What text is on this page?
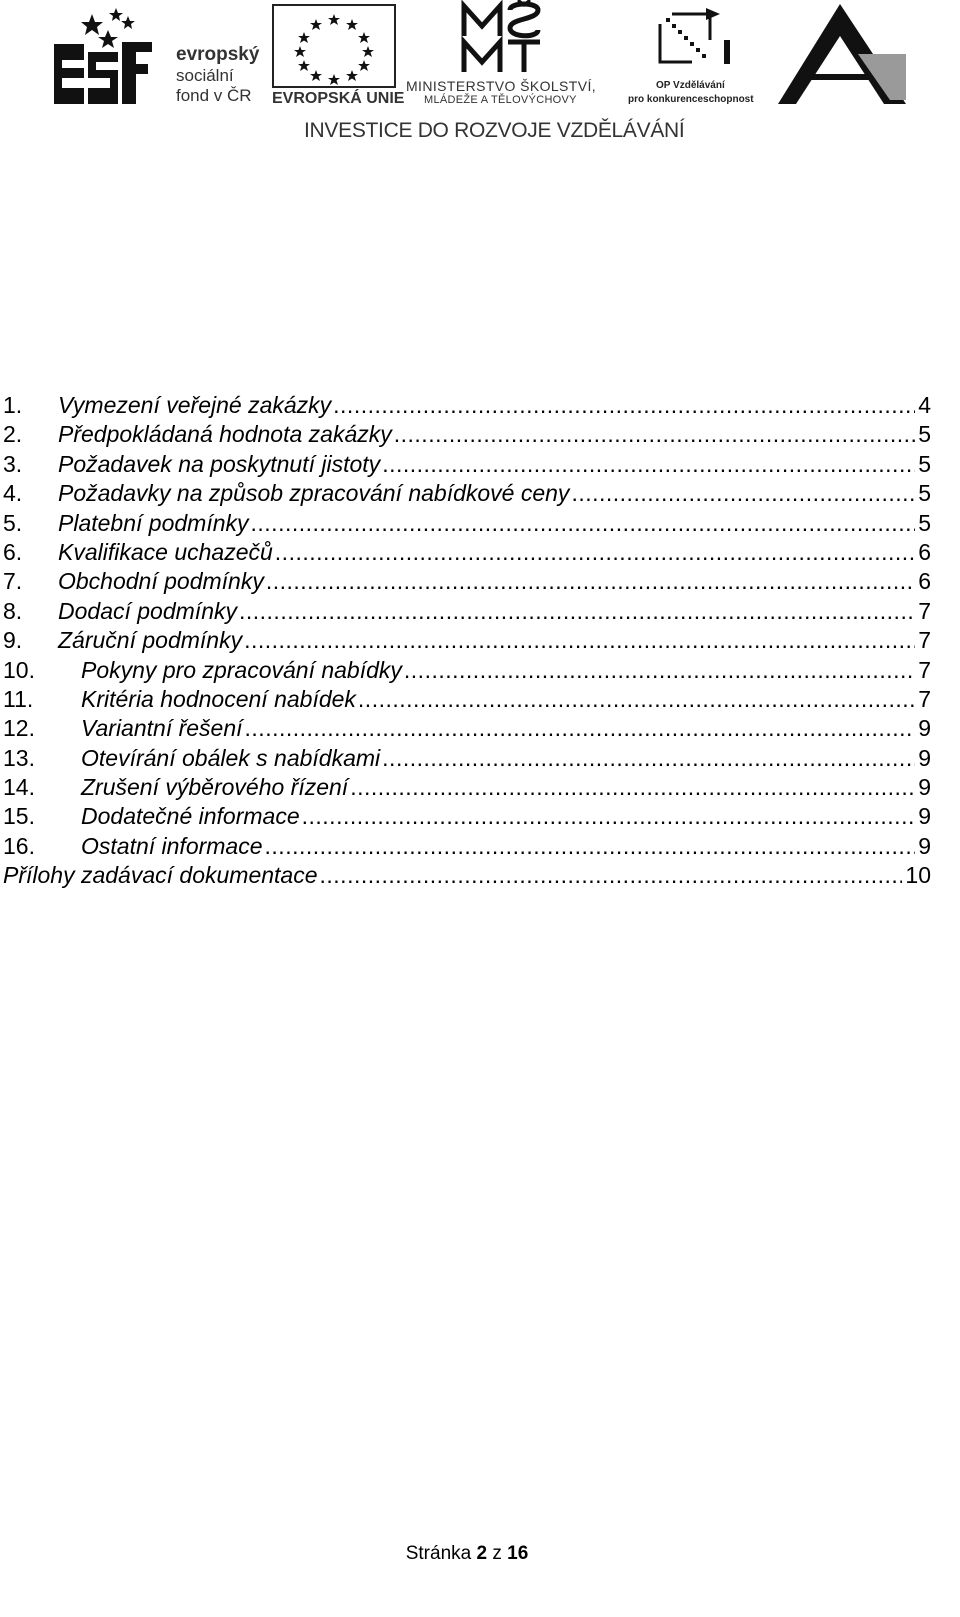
evropský
sociální
fond v ČR EVROPSKÁ UNIE
MINISTERSTVO ŠKOLSTVÍ,
MLÁDEŽE A TĚLOVÝCHOVY
OP Vzdělávání
pro konkurenceschopnost
INVESTICE DO ROZVOJE VZDĚLÁVÁNÍ
1.	Vymezení veřejné zakázky .....	4
2.	Předpokládaná hodnota zakázky .....	5
3.	Požadavek na poskytnutí jistoty .....	5
4.	Požadavky na způsob zpracování nabídkové ceny .....	5
5.	Platební podmínky .....	5
6.	Kvalifikace uchazečů .....	6
7.	Obchodní podmínky .....	6
8.	Dodací podmínky .....	7
9.	Záruční podmínky .....	7
10.	Pokyny pro zpracování nabídky .....	7
11.	Kritéria hodnocení nabídek .....	7
12.	Variantní řešení .....	9
13.	Otevírání obálek s nabídkami .....	9
14.	Zrušení výběrového řízení .....	9
15.	Dodatečné informace .....	9
16.	Ostatní informace .....	9
Přílohy zadávací dokumentace .....	10
Stránka 2 z 16
